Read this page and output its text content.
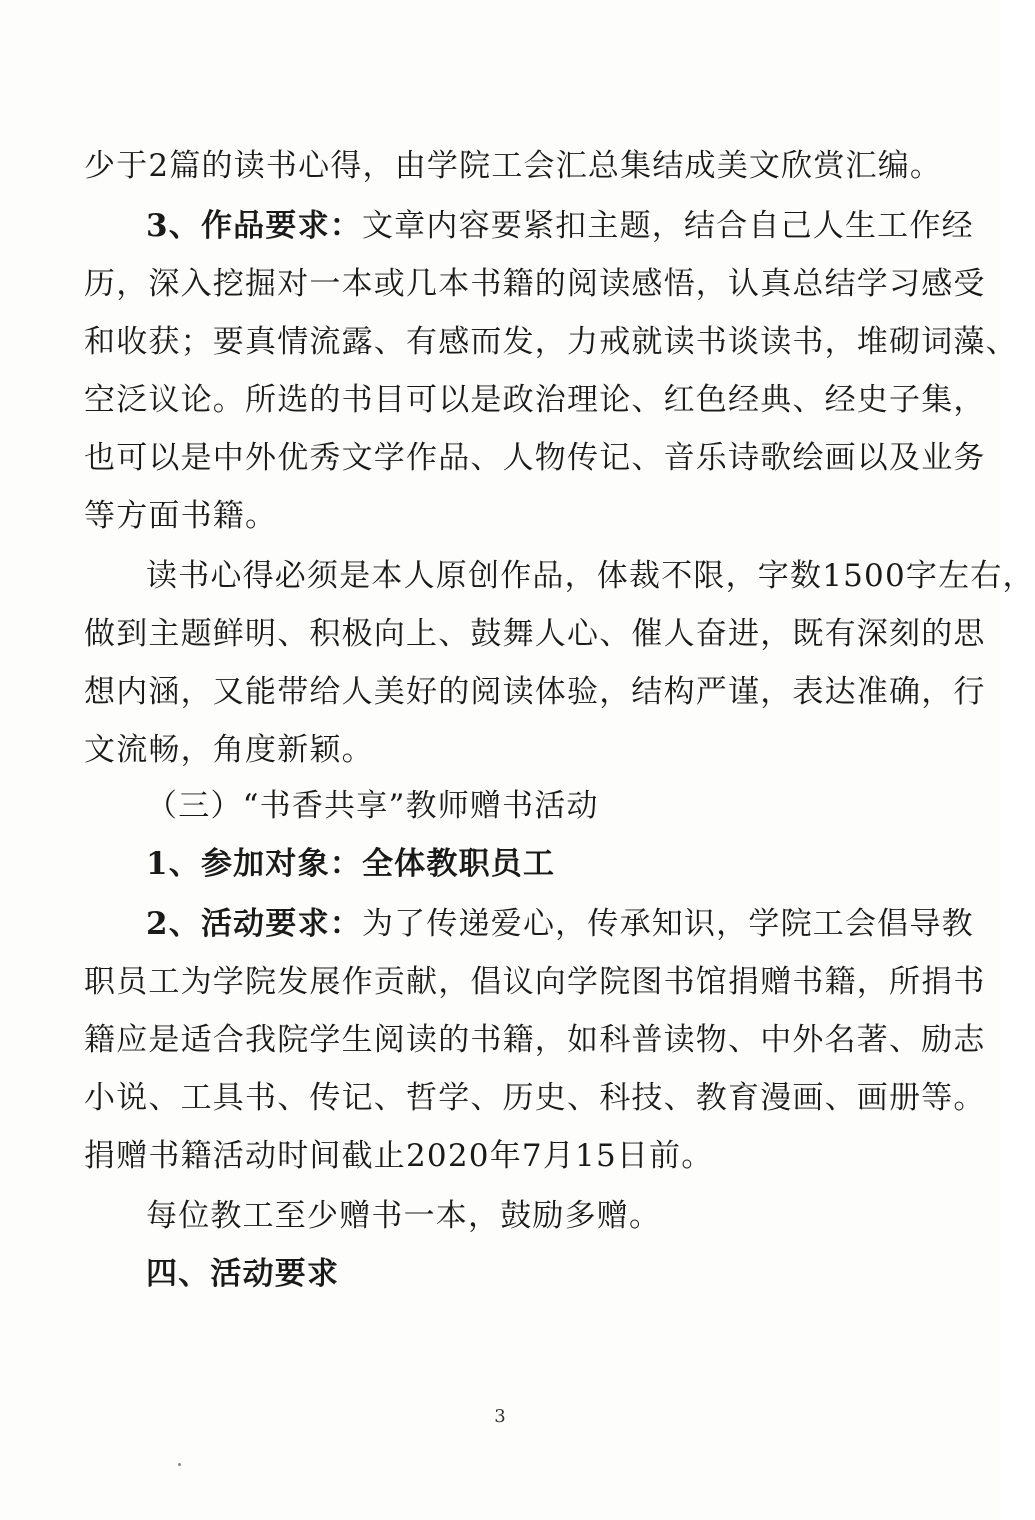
少于2篇的读书心得，由学院工会汇总集结成美文欣赏汇编。
3、作品要求：文章内容要紧扣主题，结合自己人生工作经
历，深入挖掘对一本或几本书籍的阅读感悟，认真总结学习感受
和收获；要真情流露、有感而发，力戒就读书谈读书，堆砌词藻、
空泛议论。所选的书目可以是政治理论、红色经典、经史子集，
也可以是中外优秀文学作品、人物传记、音乐诗歌绘画以及业务
等方面书籍。
读书心得必须是本人原创作品，体裁不限，字数1500字左右，
做到主题鲜明、积极向上、鼓舞人心、催人奋进，既有深刻的思
想内涵，又能带给人美好的阅读体验，结构严谨，表达准确，行
文流畅，角度新颖。
（三）“书香共享”教师赠书活动
1、参加对象：全体教职员工
2、活动要求：为了传递爱心，传承知识，学院工会倡导教
职员工为学院发展作贡献，倡议向学院图书馆捐赠书籍，所捐书
籍应是适合我院学生阅读的书籍，如科普读物、中外名著、励志
小说、工具书、传记、哲学、历史、科技、教育漫画、画册等。
捐赠书籍活动时间截止2020年7月15日前。
每位教工至少赠书一本，鼓励多赠。
四、活动要求
3
